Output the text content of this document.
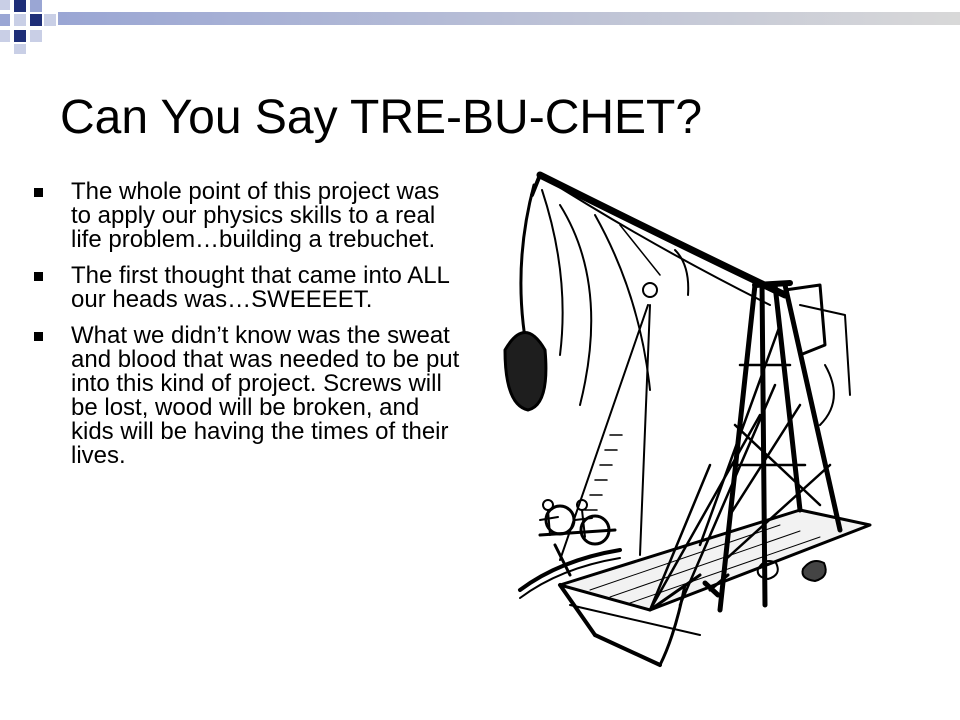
Can You Say TRE-BU-CHET?
The whole point of this project was to apply our physics skills to a real life problem…building a trebuchet.
The first thought that came into ALL our heads was…SWEEEET.
What we didn’t know was the sweat and blood that was needed to be put into this kind of project. Screws will be lost, wood will be broken, and kids will be having the times of their lives.
